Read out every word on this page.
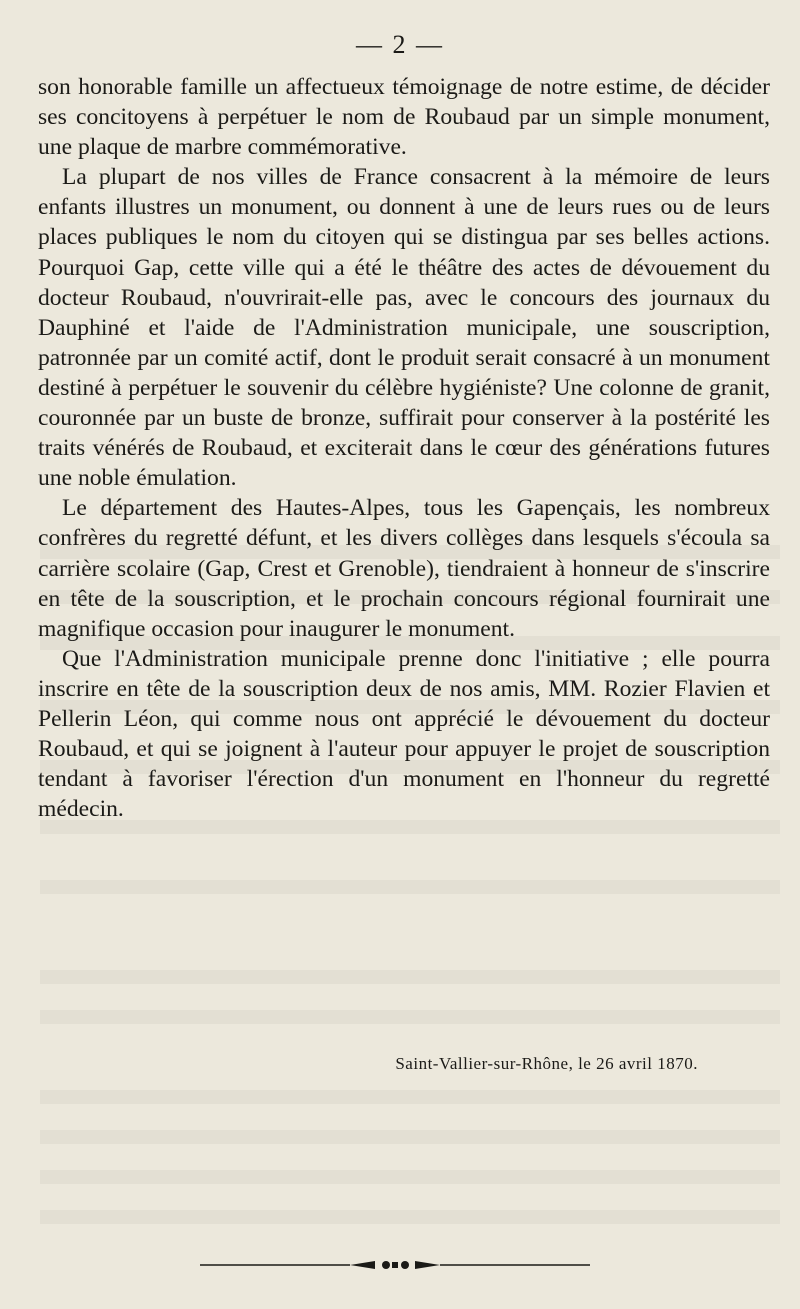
— 2 —

son honorable famille un affectueux témoignage de notre estime, de décider ses concitoyens à perpétuer le nom de Roubaud par un simple monument, une plaque de marbre commémorative.

La plupart de nos villes de France consacrent à la mémoire de leurs enfants illustres un monument, ou donnent à une de leurs rues ou de leurs places publiques le nom du citoyen qui se distingua par ses belles actions. Pourquoi Gap, cette ville qui a été le théâtre des actes de dévouement du docteur Roubaud, n'ouvrirait-elle pas, avec le concours des journaux du Dauphiné et l'aide de l'Administration municipale, une souscription, patronnée par un comité actif, dont le produit serait consacré à un monument destiné à perpétuer le souvenir du célèbre hygiéniste? Une colonne de granit, couronnée par un buste de bronze, suffirait pour conserver à la postérité les traits vénérés de Roubaud, et exciterait dans le cœur des générations futures une noble émulation.

Le département des Hautes-Alpes, tous les Gapençais, les nombreux confrères du regretté défunt, et les divers collèges dans lesquels s'écoula sa carrière scolaire (Gap, Crest et Grenoble), tiendraient à honneur de s'inscrire en tête de la souscription, et le prochain concours régional fournirait une magnifique occasion pour inaugurer le monument.

Que l'Administration municipale prenne donc l'initiative ; elle pourra inscrire en tête de la souscription deux de nos amis, MM. Rozier Flavien et Pellerin Léon, qui comme nous ont apprécié le dévouement du docteur Roubaud, et qui se joignent à l'auteur pour appuyer le projet de souscription tendant à favoriser l'érection d'un monument en l'honneur du regretté médecin.

Saint-Vallier-sur-Rhône, le 26 avril 1870.
